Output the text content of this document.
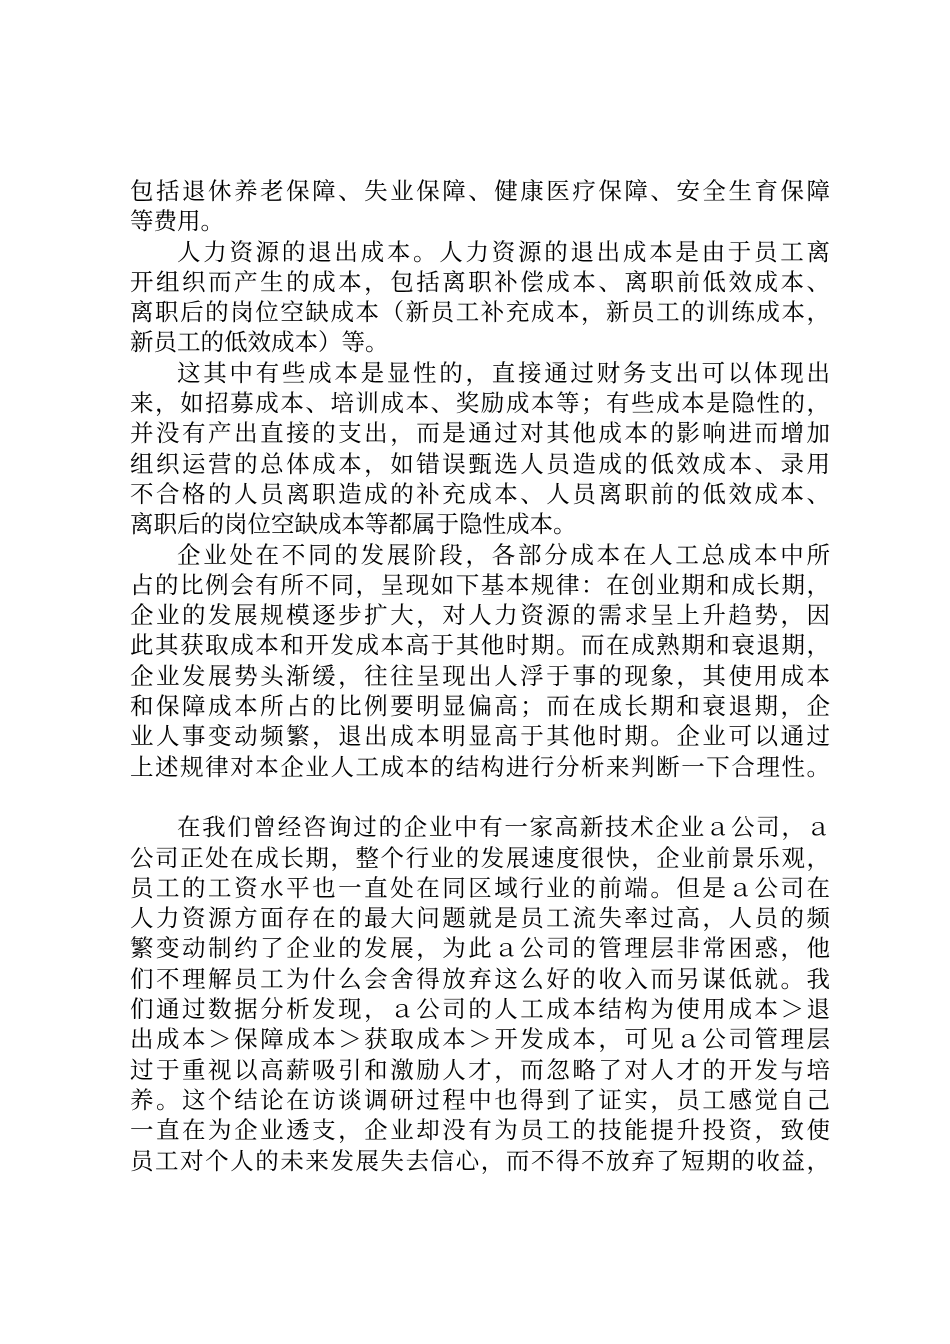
包括退休养老保障、失业保障、健康医疗保障、安全生育保障
等费用。
人力资源的退出成本。人力资源的退出成本是由于员工离
开组织而产生的成本，包括离职补偿成本、离职前低效成本、
离职后的岗位空缺成本（新员工补充成本，新员工的训练成本，
新员工的低效成本）等。
这其中有些成本是显性的，直接通过财务支出可以体现出
来，如招募成本、培训成本、奖励成本等；有些成本是隐性的，
并没有产出直接的支出，而是通过对其他成本的影响进而增加
组织运营的总体成本，如错误甄选人员造成的低效成本、录用
不合格的人员离职造成的补充成本、人员离职前的低效成本、
离职后的岗位空缺成本等都属于隐性成本。
企业处在不同的发展阶段，各部分成本在人工总成本中所
占的比例会有所不同，呈现如下基本规律：在创业期和成长期，
企业的发展规模逐步扩大，对人力资源的需求呈上升趋势，因
此其获取成本和开发成本高于其他时期。而在成熟期和衰退期，
企业发展势头渐缓，往往呈现出人浮于事的现象，其使用成本
和保障成本所占的比例要明显偏高；而在成长期和衰退期，企
业人事变动频繁，退出成本明显高于其他时期。企业可以通过
上述规律对本企业人工成本的结构进行分析来判断一下合理性。
在我们曾经咨询过的企业中有一家高新技术企业ａ公司，ａ
公司正处在成长期，整个行业的发展速度很快，企业前景乐观，
员工的工资水平也一直处在同区域行业的前端。但是ａ公司在
人力资源方面存在的最大问题就是员工流失率过高，人员的频
繁变动制约了企业的发展，为此ａ公司的管理层非常困惑，他
们不理解员工为什么会舍得放弃这么好的收入而另谋低就。我
们通过数据分析发现，ａ公司的人工成本结构为使用成本＞退
出成本＞保障成本＞获取成本＞开发成本，可见ａ公司管理层
过于重视以高薪吸引和激励人才，而忽略了对人才的开发与培
养。这个结论在访谈调研过程中也得到了证实，员工感觉自己
一直在为企业透支，企业却没有为员工的技能提升投资，致使
员工对个人的未来发展失去信心，而不得不放弃了短期的收益，
